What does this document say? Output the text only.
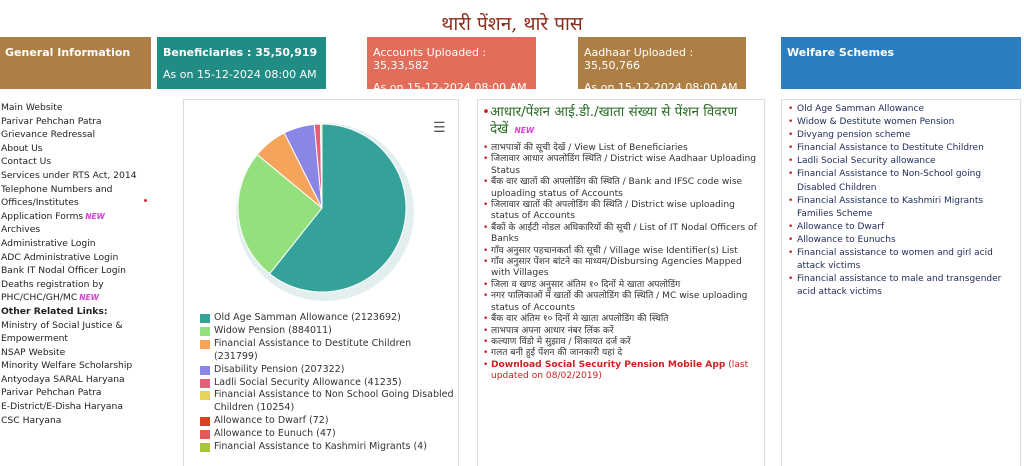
थारी पेंशन, थारे पास
General Information	Beneficiaries : 35,50,919
As on 15-12-2024 08:00 AM
Accounts Uploaded : 35,33,582
As on 15-12-2024 08:00 AM
Aadhaar Uploaded : 35,50,766
As on 15-12-2024 08:00 AM
Welfare Schemes
Main Website
Parivar Pehchan Patra Grievance Redressal
About Us
Contact Us
Services under RTS Act, 2014
Telephone Numbers and Offices/Institutes
Application Forms NEW
Archives
Administrative Login
ADC Administrative Login
Bank IT Nodal Officer Login
Deaths registration by PHC/CHC/GH/MC NEW
Other Related Links:
Ministry of Social Justice & Empowerment
NSAP Website
Minority Welfare Scholarship
Antyodaya SARAL Haryana
Parivar Pehchan Patra
E-District/E-Disha Haryana
CSC Haryana
☰
Old Age Samman Allowance (2123692)
Widow Pension (884011)
Financial Assistance to Destitute Children (231799)
Disability Pension (207322)
Ladli Social Security Allowance (41235)
Financial Assistance to Non School Going Disabled Children (10254)
Allowance to Dwarf (72)
Allowance to Eunuch (47)
Financial Assistance to Kashmiri Migrants (4)
• आधार/पेंशन आई.डी./खाता संख्या से पेंशन विवरण देखें NEW
• लाभपात्रों की सूची देखें / View List of Beneficiaries
• जिलावार आधार अपलोडिंग स्थिति / District wise Aadhaar Uploading Status
• बैंक वार खातों की अपलोडिंग की स्थिति / Bank and IFSC code wise uploading status of Accounts
• जिलावार खातों की अपलोडिंग की स्थिति / District wise uploading status of Accounts
• बैंकों के आईटी नोडल अधिकारियों की सूची / List of IT Nodal Officers of Banks
• गाँव अनुसार पहचानकर्ता की सूची / Village wise Identifier(s) List
• गाँव अनुसार पेंशन बांटने का माध्यम/Disbursing Agencies Mapped with Villages
• जिला व खण्ड अनुसार अंतिम १० दिनों मे खाता अपलोडिंग
• नगर पालिकाओं में खातों की अपलोडिंग की स्थिति / MC wise uploading status of Accounts
• बैंक वार अंतिम १० दिनों मे खाता अपलोडिंग की स्थिति
• लाभपात्र अपना आधार नंबर लिंक करें
• कल्याण विंडो मे सुझाव / शिकायत दर्ज करें
• गलत बनी हुई पेंशन की जानकारी यहां दे
• Download Social Security Pension Mobile App (last updated on 08/02/2019)
• Old Age Samman Allowance
• Widow & Destitute women Pension
• Divyang pension scheme
• Financial Assistance to Destitute Children
• Ladli Social Security allowance
• Financial Assistance to Non-School going Disabled Children
• Financial Assistance to Kashmiri Migrants Families Scheme
• Allowance to Dwarf
• Allowance to Eunuchs
• Financial assistance to women and girl acid attack victims
• Financial assistance to male and transgender acid attack victims
